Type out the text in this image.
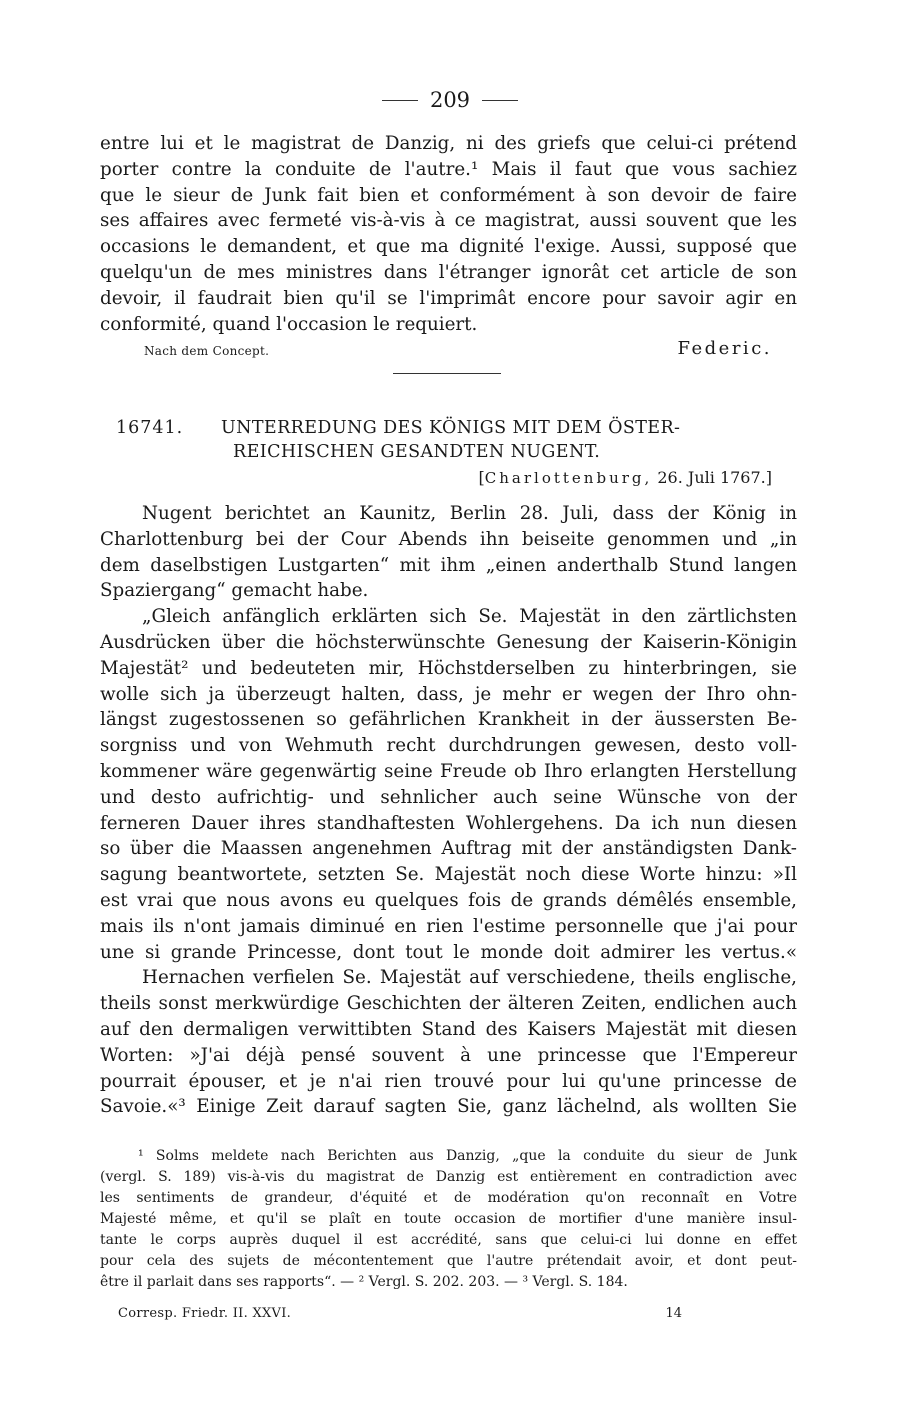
209
entre lui et le magistrat de Danzig, ni des griefs que celui-ci prétend
porter contre la conduite de l'autre.¹ Mais il faut que vous sachiez
que le sieur de Junk fait bien et conformément à son devoir de faire
ses affaires avec fermeté vis-à-vis à ce magistrat, aussi souvent que les
occasions le demandent, et que ma dignité l'exige. Aussi, supposé que
quelqu'un de mes ministres dans l'étranger ignorât cet article de son
devoir, il faudrait bien qu'il se l'imprimât encore pour savoir agir en
conformité, quand l'occasion le requiert.
Nach dem Concept.	Federic.
16741. UNTERREDUNG DES KÖNIGS MIT DEM ÖSTER-
REICHISCHEN GESANDTEN NUGENT.
[Charlottenburg, 26. Juli 1767.]
Nugent berichtet an Kaunitz, Berlin 28. Juli, dass der König in
Charlottenburg bei der Cour Abends ihn beiseite genommen und „in
dem daselbstigen Lustgarten“ mit ihm „einen anderthalb Stund langen
Spaziergang“ gemacht habe.
„Gleich anfänglich erklärten sich Se. Majestät in den zärtlichsten
Ausdrücken über die höchsterwünschte Genesung der Kaiserin-Königin
Majestät² und bedeuteten mir, Höchstderselben zu hinterbringen, sie
wolle sich ja überzeugt halten, dass, je mehr er wegen der Ihro ohn-
längst zugestossenen so gefährlichen Krankheit in der äussersten Be-
sorgniss und von Wehmuth recht durchdrungen gewesen, desto voll-
kommener wäre gegenwärtig seine Freude ob Ihro erlangten Herstellung
und desto aufrichtig- und sehnlicher auch seine Wünsche von der
ferneren Dauer ihres standhaftesten Wohlergehens. Da ich nun diesen
so über die Maassen angenehmen Auftrag mit der anständigsten Dank-
sagung beantwortete, setzten Se. Majestät noch diese Worte hinzu: »Il
est vrai que nous avons eu quelques fois de grands démêlés ensemble,
mais ils n'ont jamais diminué en rien l'estime personnelle que j'ai pour
une si grande Princesse, dont tout le monde doit admirer les vertus.«
Hernachen verfielen Se. Majestät auf verschiedene, theils englische,
theils sonst merkwürdige Geschichten der älteren Zeiten, endlichen auch
auf den dermaligen verwittibten Stand des Kaisers Majestät mit diesen
Worten: »J'ai déjà pensé souvent à une princesse que l'Empereur
pourrait épouser, et je n'ai rien trouvé pour lui qu'une princesse de
Savoie.«³ Einige Zeit darauf sagten Sie, ganz lächelnd, als wollten Sie
¹ Solms meldete nach Berichten aus Danzig, „que la conduite du sieur de Junk
(vergl. S. 189) vis-à-vis du magistrat de Danzig est entièrement en contradiction avec
les sentiments de grandeur, d'équité et de modération qu'on reconnaît en Votre
Majesté même, et qu'il se plaît en toute occasion de mortifier d'une manière insul-
tante le corps auprès duquel il est accrédité, sans que celui-ci lui donne en effet
pour cela des sujets de mécontentement que l'autre prétendait avoir, et dont peut-
être il parlait dans ses rapports“. — ² Vergl. S. 202. 203. — ³ Vergl. S. 184.
Corresp. Friedr. II. XXVI.	14
